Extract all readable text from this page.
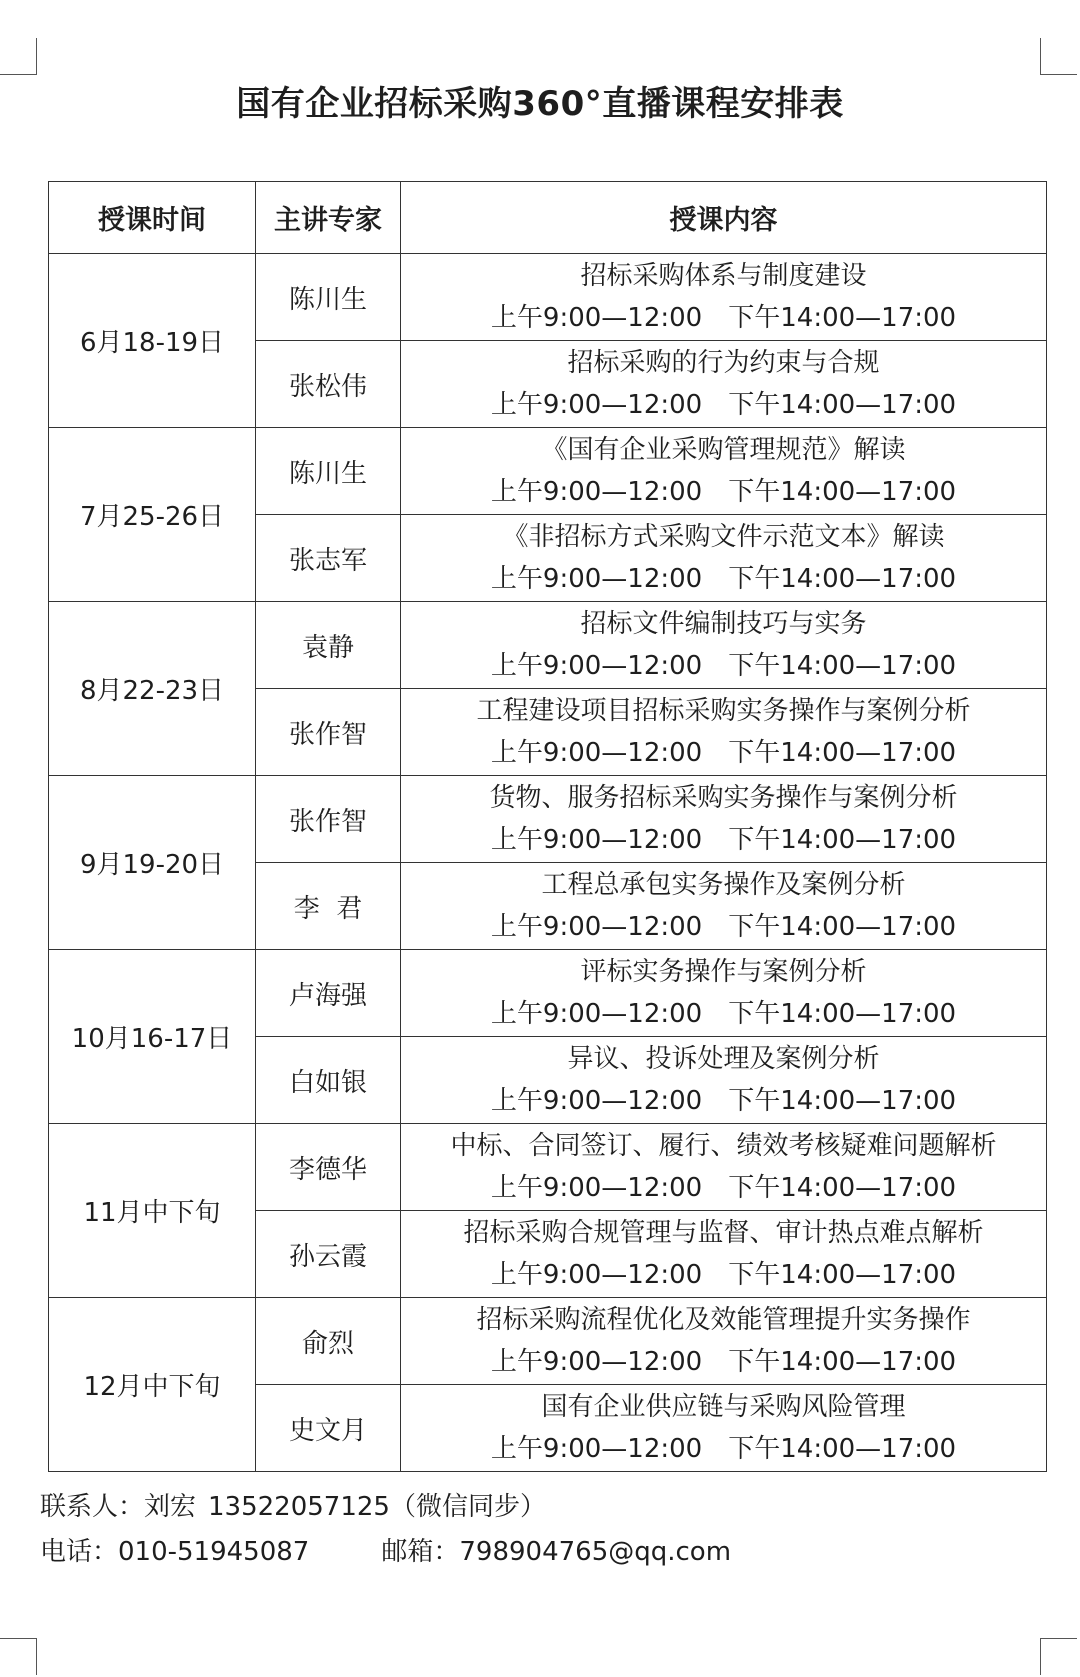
国有企业招标采购360°直播课程安排表
授课时间	主讲专家	授课内容
6月18-19日	陈川生	招标采购体系与制度建设
上午9:00—12:00 下午14:00—17:00

	张松伟	招标采购的行为约束与合规
上午9:00—12:00 下午14:00—17:00

7月25-26日	陈川生	《国有企业采购管理规范》解读
上午9:00—12:00 下午14:00—17:00

	张志军	《非招标方式采购文件示范文本》解读
上午9:00—12:00 下午14:00—17:00

8月22-23日	袁静	招标文件编制技巧与实务
上午9:00—12:00 下午14:00—17:00

	张作智	工程建设项目招标采购实务操作与案例分析
上午9:00—12:00 下午14:00—17:00

9月19-20日	张作智	货物、服务招标采购实务操作与案例分析
上午9:00—12:00 下午14:00—17:00

	李  君	工程总承包实务操作及案例分析
上午9:00—12:00 下午14:00—17:00

10月16-17日	卢海强	评标实务操作与案例分析
上午9:00—12:00 下午14:00—17:00

	白如银	异议、投诉处理及案例分析
上午9:00—12:00 下午14:00—17:00

11月中下旬	李德华	中标、合同签订、履行、绩效考核疑难问题解析
上午9:00—12:00 下午14:00—17:00

	孙云霞	招标采购合规管理与监督、审计热点难点解析
上午9:00—12:00 下午14:00—17:00

12月中下旬	俞烈	招标采购流程优化及效能管理提升实务操作
上午9:00—12:00 下午14:00—17:00

	史文月	国有企业供应链与采购风险管理
上午9:00—12:00 下午14:00—17:00
联系人：刘宏 13522057125（微信同步）
电话：010-51945087	邮箱：798904765@qq.com
